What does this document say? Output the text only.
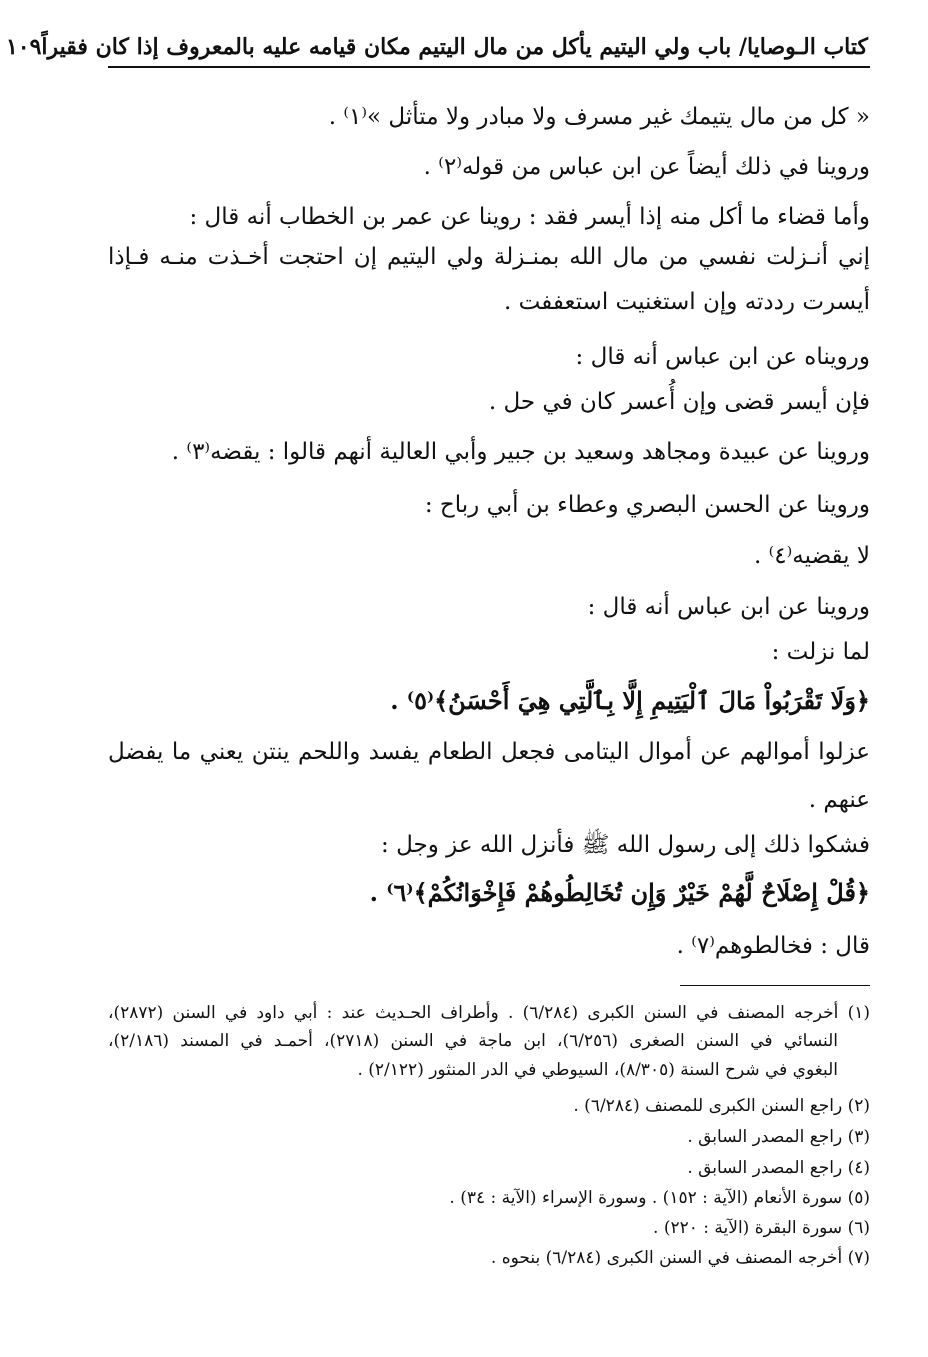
كتاب الـوصايا/ باب ولي اليتيم يأكل من مال اليتيم مكان قيامه عليه بالمعروف إذا كان فقيراً
١٠٩
« كل من مال يتيمك غير مسرف ولا مبادر ولا متأثل »⁽١⁾ .
وروينا في ذلك أيضاً عن ابن عباس من قوله⁽٢⁾ .
وأما قضاء ما أكل منه إذا أيسر فقد : روينا عن عمر بن الخطاب أنه قال :
إني أنـزلت نفسي من مال الله بمنـزلة ولي اليتيم إن احتجت أخـذت منـه فـإذا
أيسرت رددته وإن استغنيت استعففت .
ورويناه عن ابن عباس أنه قال :
فإن أيسر قضى وإن أُعسر كان في حل .
وروينا عن عبيدة ومجاهد وسعيد بن جبير وأبي العالية أنهم قالوا : يقضه⁽٣⁾ .
وروينا عن الحسن البصري وعطاء بن أبي رباح :
لا يقضيه⁽٤⁾ .
وروينا عن ابن عباس أنه قال :
لما نزلت :
﴿وَلَا تَقْرَبُواْ مَالَ ٱلْيَتِيمِ إِلَّا بِٱلَّتِي هِيَ أَحْسَنُ﴾⁽٥⁾ .
عزلوا أموالهم عن أموال اليتامى فجعل الطعام يفسد واللحم ينتن يعني ما يفضل
عنهم .
فشكوا ذلك إلى رسول الله ﷺ فأنزل الله عز وجل :
﴿قُلْ إِصْلَاحٌ لَّهُمْ خَيْرٌ وَإِن تُخَالِطُوهُمْ فَإِخْوَانُكُمْ﴾⁽٦⁾ .
قال : فخالطوهم⁽٧⁾ .
(١) أخرجه المصنف في السنن الكبرى (٦/٢٨٤) . وأطراف الحـديث عند : أبي داود في السنن (٢٨٧٢)،
النسائي في السنن الصغرى (٦/٢٥٦)، ابن ماجة في السنن (٢٧١٨)، أحمـد في المسند (٢/١٨٦)،
البغوي في شرح السنة (٨/٣٠٥)، السيوطي في الدر المنثور (٢/١٢٢) .
(٢) راجع السنن الكبرى للمصنف (٦/٢٨٤) .
(٣) راجع المصدر السابق .
(٤) راجع المصدر السابق .
(٥) سورة الأنعام (الآية : ١٥٢) . وسورة الإسراء (الآية : ٣٤) .
(٦) سورة البقرة (الآية : ٢٢٠) .
(٧) أخرجه المصنف في السنن الكبرى (٦/٢٨٤) بنحوه .
